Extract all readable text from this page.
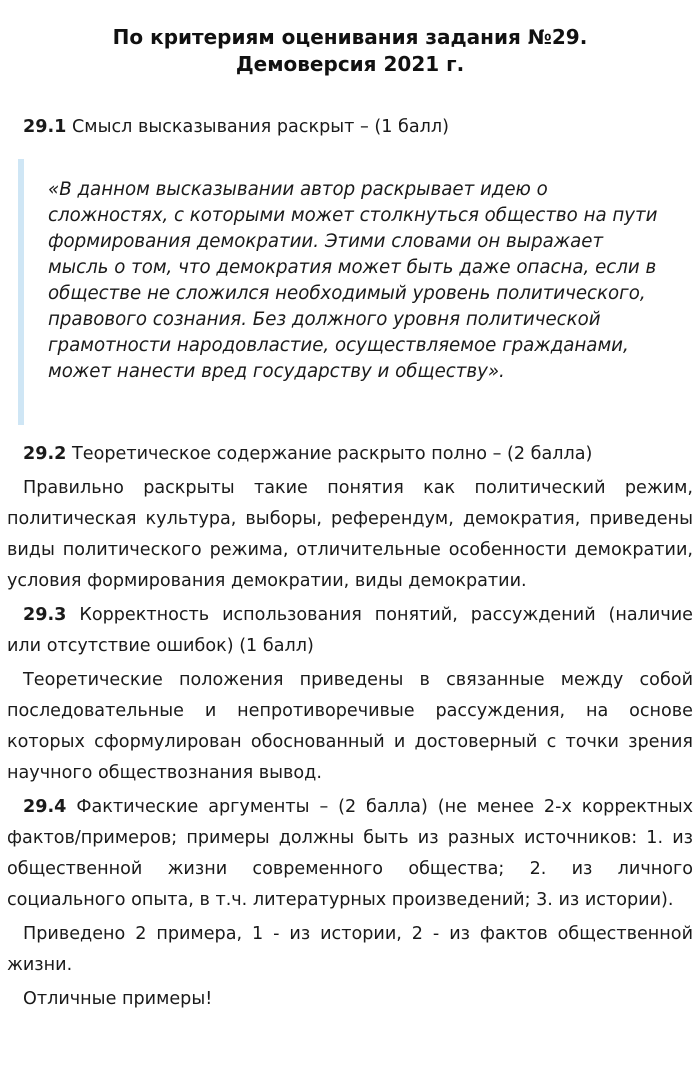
По критериям оценивания задания №29.
Демоверсия 2021 г.

29.1 Смысл высказывания раскрыт – (1 балл)

«В данном высказывании автор раскрывает идею о сложностях, с которыми может столкнуться общество на пути формирования демократии. Этими словами он выражает мысль о том, что демократия может быть даже опасна, если в обществе не сложился необходимый уровень политического, правового сознания. Без должного уровня политической грамотности народовластие, осуществляемое гражданами, может нанести вред государству и обществу».

29.2 Теоретическое содержание раскрыто полно – (2 балла)

Правильно раскрыты такие понятия как политический режим, политическая культура, выборы, референдум, демократия, приведены виды политического режима, отличительные особенности демократии, условия формирования демократии, виды демократии.

29.3 Корректность использования понятий, рассуждений (наличие или отсутствие ошибок) (1 балл)

Теоретические положения приведены в связанные между собой последовательные и непротиворечивые рассуждения, на основе которых сформулирован обоснованный и достоверный с точки зрения научного обществознания вывод.

29.4 Фактические аргументы – (2 балла) (не менее 2-х корректных фактов/примеров; примеры должны быть из разных источников: 1. из общественной жизни современного общества; 2. из личного социального опыта, в т.ч. литературных произведений; 3. из истории).

Приведено 2 примера, 1 - из истории, 2 - из фактов общественной жизни.

Отличные примеры!
